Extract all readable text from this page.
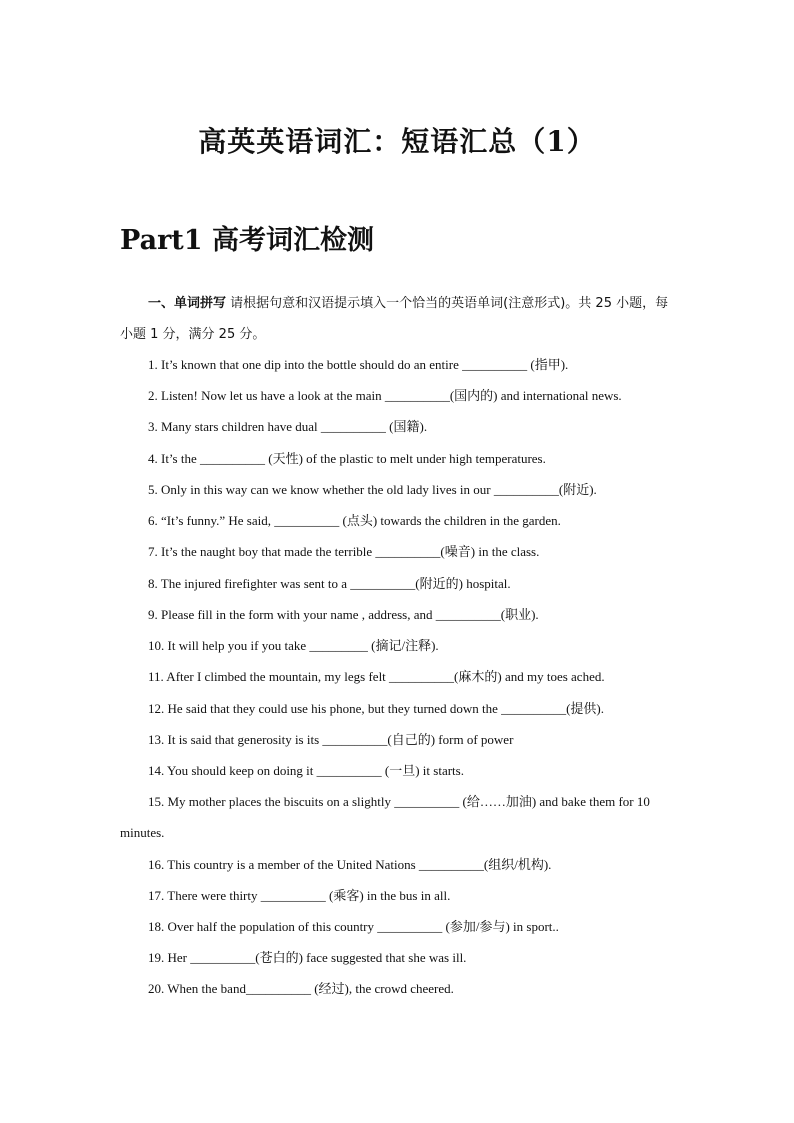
高英英语词汇：短语汇总（1）
Part1 高考词汇检测

一、单词拼写 请根据句意和汉语提示填入一个恰当的英语单词(注意形式)。共 25 小题，每小题 1 分，满分 25 分。

1. It’s known that one dip into the bottle should do an entire __________ (指甲).

2. Listen! Now let us have a look at the main __________(国内的) and international news.

3. Many stars children have dual __________ (国籍).

4. It’s the __________ (天性) of the plastic to melt under high temperatures.

5. Only in this way can we know whether the old lady lives in our __________(附近).

6. “It’s funny.” He said, __________ (点头) towards the children in the garden.

7. It’s the naught boy that made the terrible __________(噪音) in the class.

8. The injured firefighter was sent to a __________(附近的) hospital.

9. Please fill in the form with your name , address, and __________(职业).

10. It will help you if you take _________ (摘记/注释).

11. After I climbed the mountain, my legs felt __________(麻木的) and my toes ached.

12. He said that they could use his phone, but they turned down the __________(提供).

13. It is said that generosity is its __________(自己的) form of power

14. You should keep on doing it __________ (一旦) it starts.

15. My mother places the biscuits on a slightly __________ (给……加油) and bake them for 10 minutes.

16. This country is a member of the United Nations __________(组织/机构).

17. There were thirty __________ (乘客) in the bus in all.

18. Over half the population of this country __________ (参加/参与) in sport..

19. Her __________(苍白的) face suggested that she was ill.

20. When the band__________ (经过), the crowd cheered.
